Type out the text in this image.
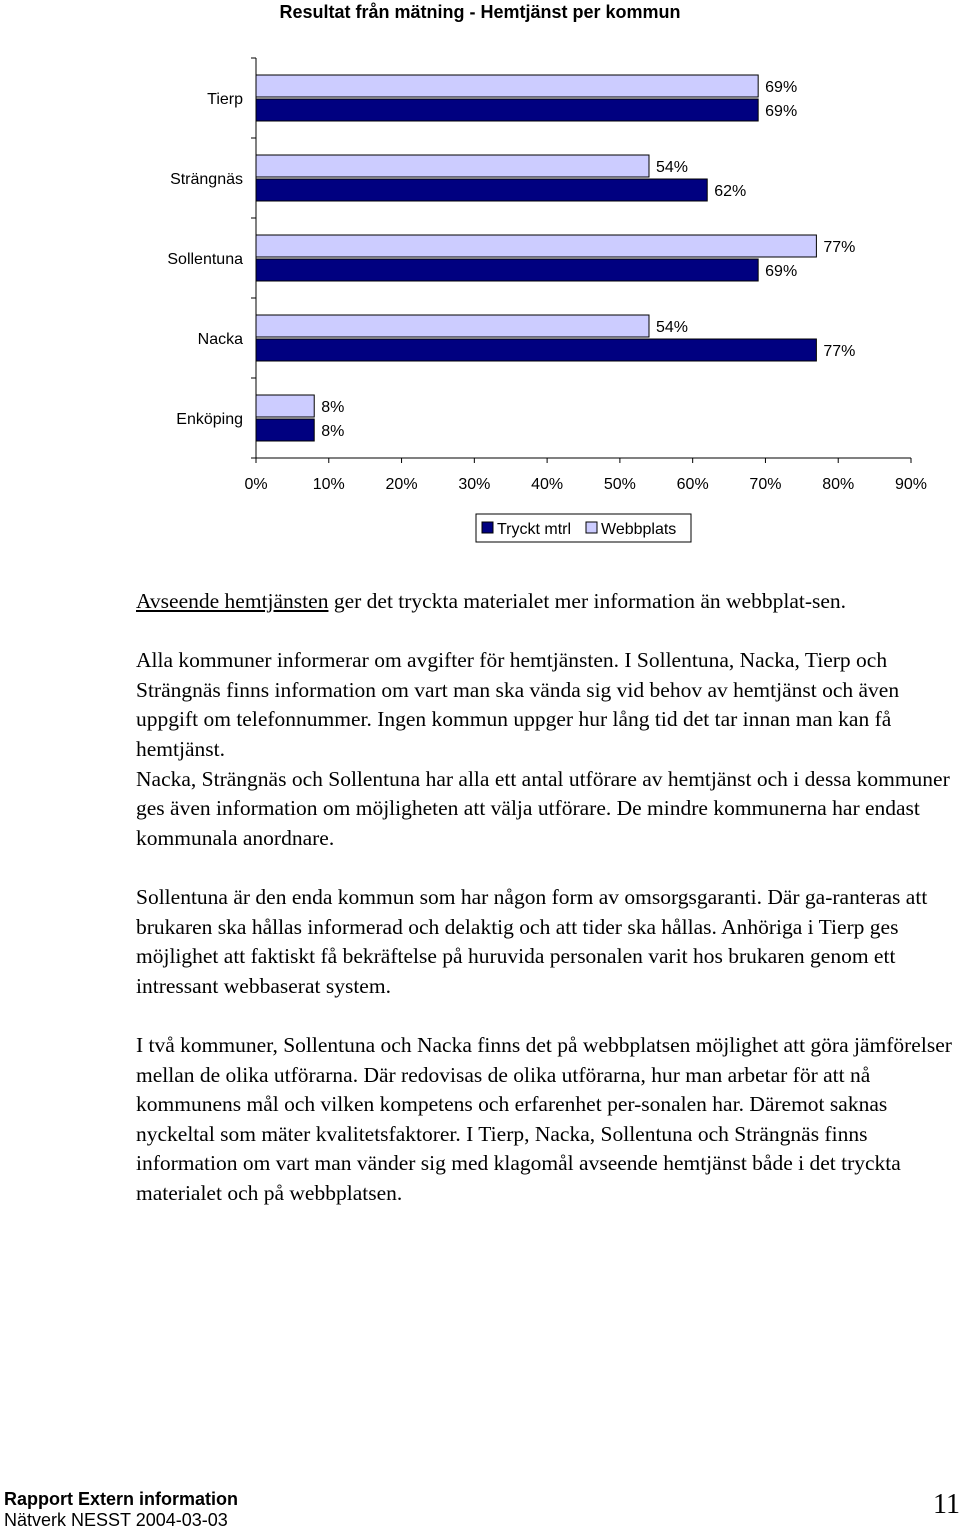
Resultat från mätning - Hemtjänst per kommun
Tierp
Strängnäs
Sollentuna
Nacka
Enköping
0%	10%	20%	30%	40%	50%	60%	70%	80%	90%
69%
69%
54%
62%
77%
69%
54%
77%
8%
8%
Tryckt mtrl Webbplats

Avseende hemtjänsten ger det tryckta materialet mer information än webbplat-sen.

Alla kommuner informerar om avgifter för hemtjänsten. I Sollentuna, Nacka, Tierp och Strängnäs finns information om vart man ska vända sig vid behov av hemtjänst och även uppgift om telefonnummer. Ingen kommun uppger hur lång tid det tar innan man kan få hemtjänst.

Nacka, Strängnäs och Sollentuna har alla ett antal utförare av hemtjänst och i dessa kommuner ges även information om möjligheten att välja utförare. De mindre kommunerna har endast kommunala anordnare.

Sollentuna är den enda kommun som har någon form av omsorgsgaranti. Där ga-ranteras att brukaren ska hållas informerad och delaktig och att tider ska hållas. Anhöriga i Tierp ges möjlighet att faktiskt få bekräftelse på huruvida personalen varit hos brukaren genom ett intressant webbaserat system.

I två kommuner, Sollentuna och Nacka finns det på webbplatsen möjlighet att göra jämförelser mellan de olika utförarna. Där redovisas de olika utförarna, hur man arbetar för att nå kommunens mål och vilken kompetens och erfarenhet per-sonalen har. Däremot saknas nyckeltal som mäter kvalitetsfaktorer. I Tierp, Nacka, Sollentuna och Strängnäs finns information om vart man vänder sig med klagomål avseende hemtjänst både i det tryckta materialet och på webbplatsen.

Rapport Extern information
Nätverk NESST 2004-03-03	11
